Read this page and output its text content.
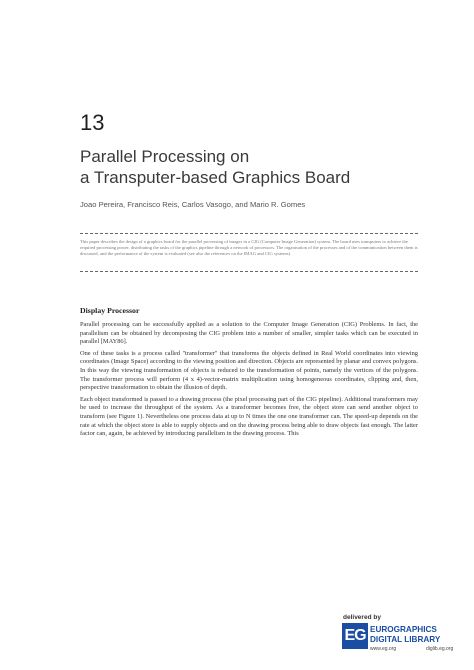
13
Parallel Processing on
a Transputer-based Graphics Board
Joao Pereira, Francisco Reis, Carlos Vasogo, and Mario R. Gomes
This paper describes the design of a graphics board for the parallel processing of images in a CIG (Computer Image Generation) system. The board uses transputers to achieve the required processing power, distributing the tasks of the graphics pipeline through a network of processors. The organisation of the processes and of the communication between them is discussed, and the performance of the system is evaluated (see also the references on the IMAG and CIG systems).
Display Processor

Parallel processing can be successfully applied as a solution to the Computer Image Generation (CIG) Problems. In fact, the parallelism can be obtained by decomposing the CIG problem into a number of smaller, simpler tasks which can be executed in parallel [MAY86].

One of these tasks is a process called "transformer" that transforms the objects defined in Real World coordinates into viewing coordinates (Image Space) according to the viewing position and direction. Objects are represented by planar and convex polygons. In this way the viewing transformation of objects is reduced to the transformation of points, namely the vertices of the polygons. The transformer process will perform (4 x 4)-vector-matrix multiplication using homogeneous coordinates, clipping and, then, perspective transformation to obtain the illusion of depth.

Each object transformed is passed to a drawing process (the pixel processing part of the CIG pipeline). Additional transformers may be used to increase the throughput of the system. As a transformer becomes free, the object store can send another object to transform (see Figure 1). Nevertheless one process data at up to N times the one one transformer can. The speed-up depends on the rate at which the object store is able to supply objects and on the drawing process being able to draw objects fast enough. The latter factor can, again, be achieved by introducing parallelism in the drawing process. This

delivered by
EG EUROGRAPHICS
DIGITAL LIBRARY
www.eg.org	diglib.eg.org
